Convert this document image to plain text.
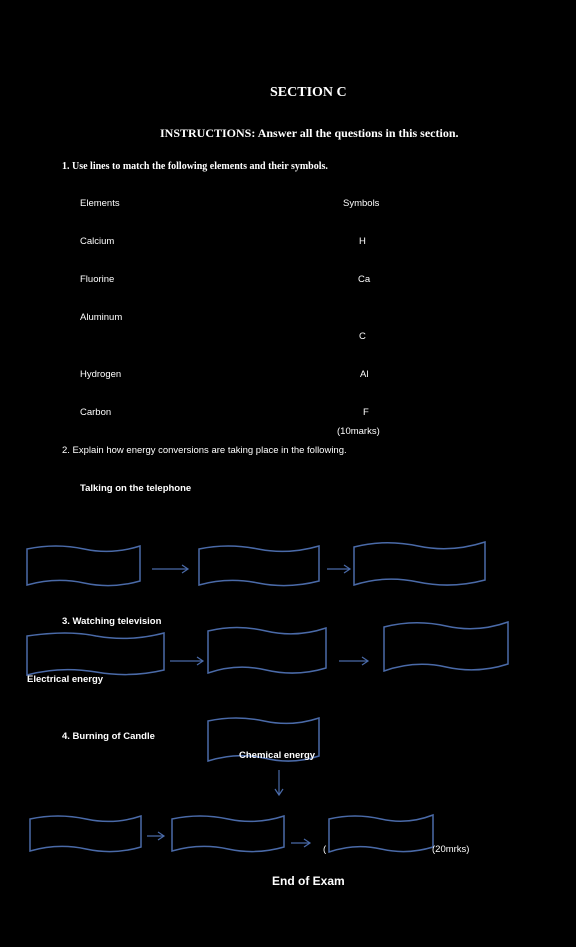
SECTION C
INSTRUCTIONS: Answer all the questions in this section.
1. Use lines to match the following elements and their symbols.
Elements	Symbols
Calcium
Fluorine
Aluminum
Hydrogen
Carbon
H
Ca
C
Al
F
(10marks)
2. Explain how energy conversions are taking place in the following.
Talking on the telephone
3. Watching television
4. Burning of Candle
Electrical energy
Chemical energy
(	(20mrks)
End of Exam
